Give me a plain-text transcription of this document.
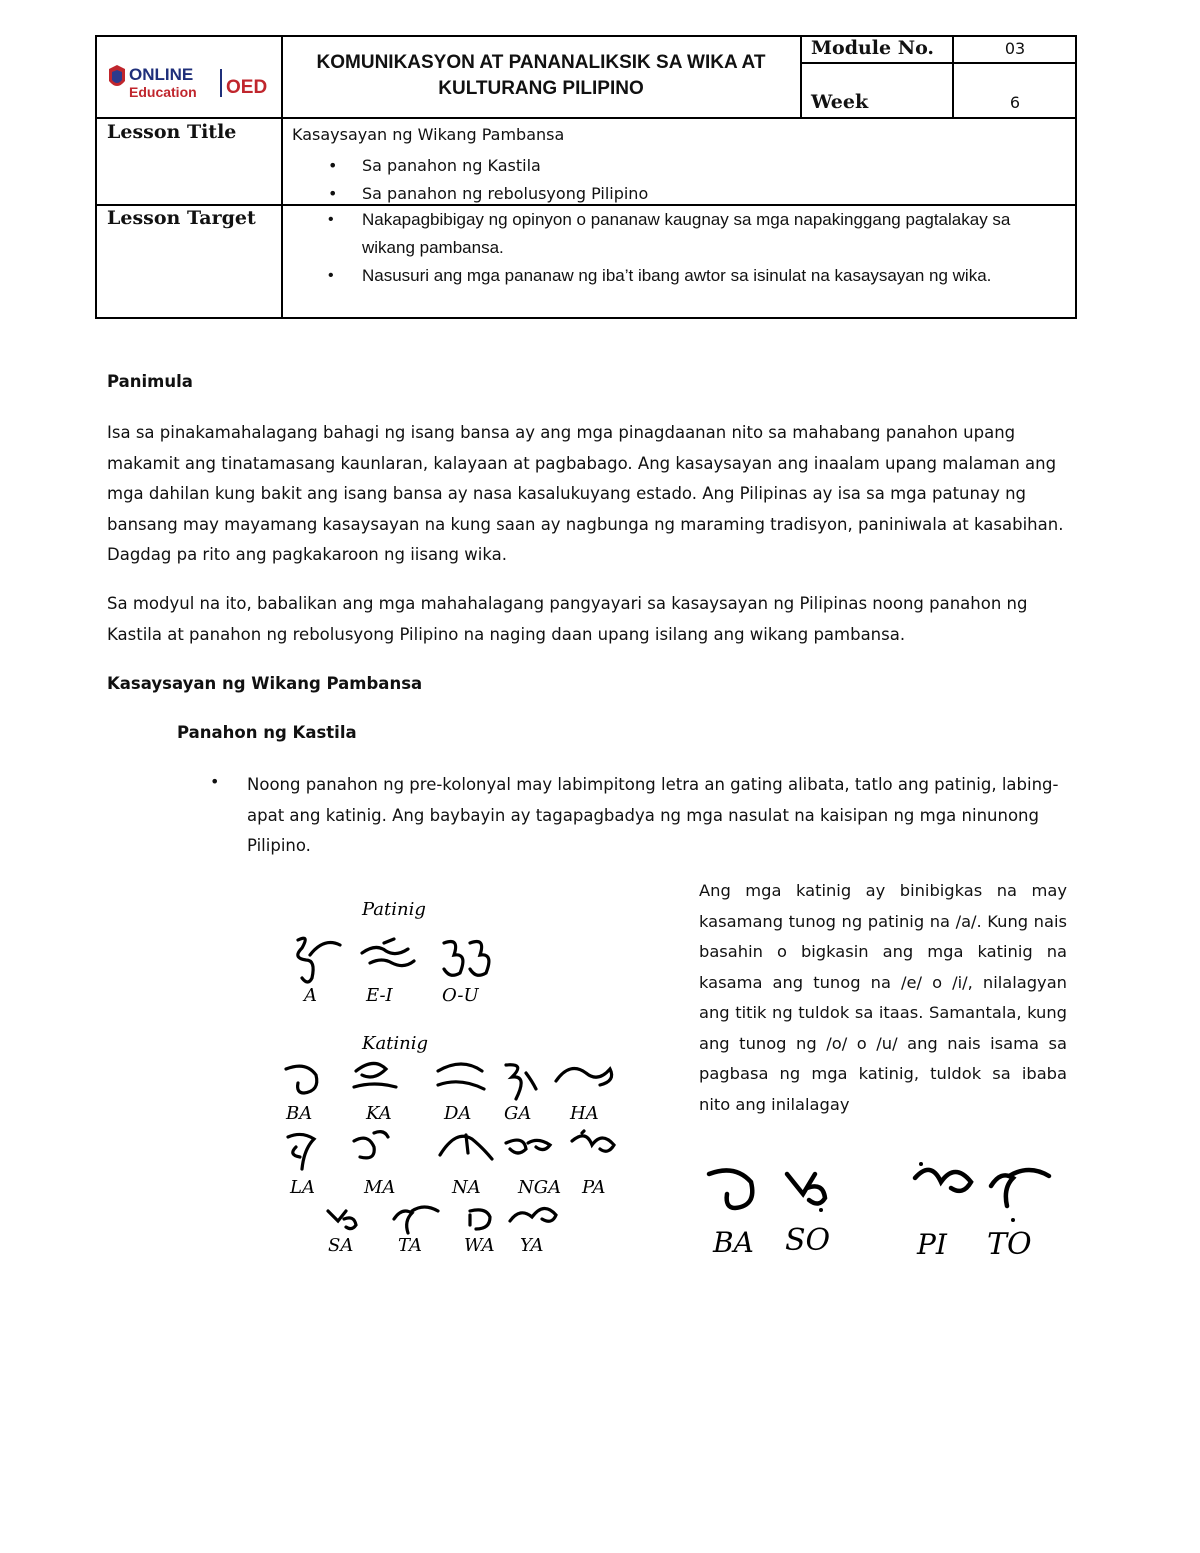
ONLINE
Education OED
KOMUNIKASYON AT PANANALIKSIK SA WIKA AT KULTURANG PILIPINO
Module No.	03
Week	6
Lesson Title	Kasaysayan ng Wikang Pambansa
• Sa panahon ng Kastila
• Sa panahon ng rebolusyong Pilipino
Lesson Target
•	Nakapagbibigay ng opinyon o pananaw kaugnay sa mga napakinggang pagtalakay sa wikang pambansa.
• Nasusuri ang mga pananaw ng iba’t ibang awtor sa isinulat na kasaysayan ng wika.
Panimula
Isa sa pinakamahalagang bahagi ng isang bansa ay ang mga pinagdaanan nito sa mahabang panahon upang makamit ang tinatamasang kaunlaran, kalayaan at pagbabago. Ang kasaysayan ang inaalam upang malaman ang mga dahilan kung bakit ang isang bansa ay nasa kasalukuyang estado. Ang Pilipinas ay isa sa mga patunay ng bansang may mayamang kasaysayan na kung saan ay nagbunga ng maraming tradisyon, paniniwala at kasabihan. Dagdag pa rito ang pagkakaroon ng iisang wika.
Sa modyul na ito, babalikan ang mga mahahalagang pangyayari sa kasaysayan ng Pilipinas noong panahon ng Kastila at panahon ng rebolusyong Pilipino na naging daan upang isilang ang wikang pambansa.
Kasaysayan ng Wikang Pambansa
Panahon ng Kastila
• Noong panahon ng pre-kolonyal may labimpitong letra an gating alibata, tatlo ang patinig, labing-apat ang katinig. Ang baybayin ay tagapagbadya ng mga nasulat na kaisipan ng mga ninunong Pilipino.
Ang mga katinig ay binibigkas na may kasamang tunog ng patinig na /a/. Kung nais basahin o bigkasin ang mga katinig na kasama ang tunog na /e/ o /i/, nilalagyan ang titik ng tuldok sa itaas. Samantala, kung ang tunog ng /o/ o /u/ ang nais isama sa pagbasa ng mga katinig, tuldok sa ibaba nito ang inilalagay
Patinig
A	E-I	O-U
Katinig
BA	KA	DA GA HA
LA	MA	NA NGA PA
SA TA WA YA	BA SO	PI TO
